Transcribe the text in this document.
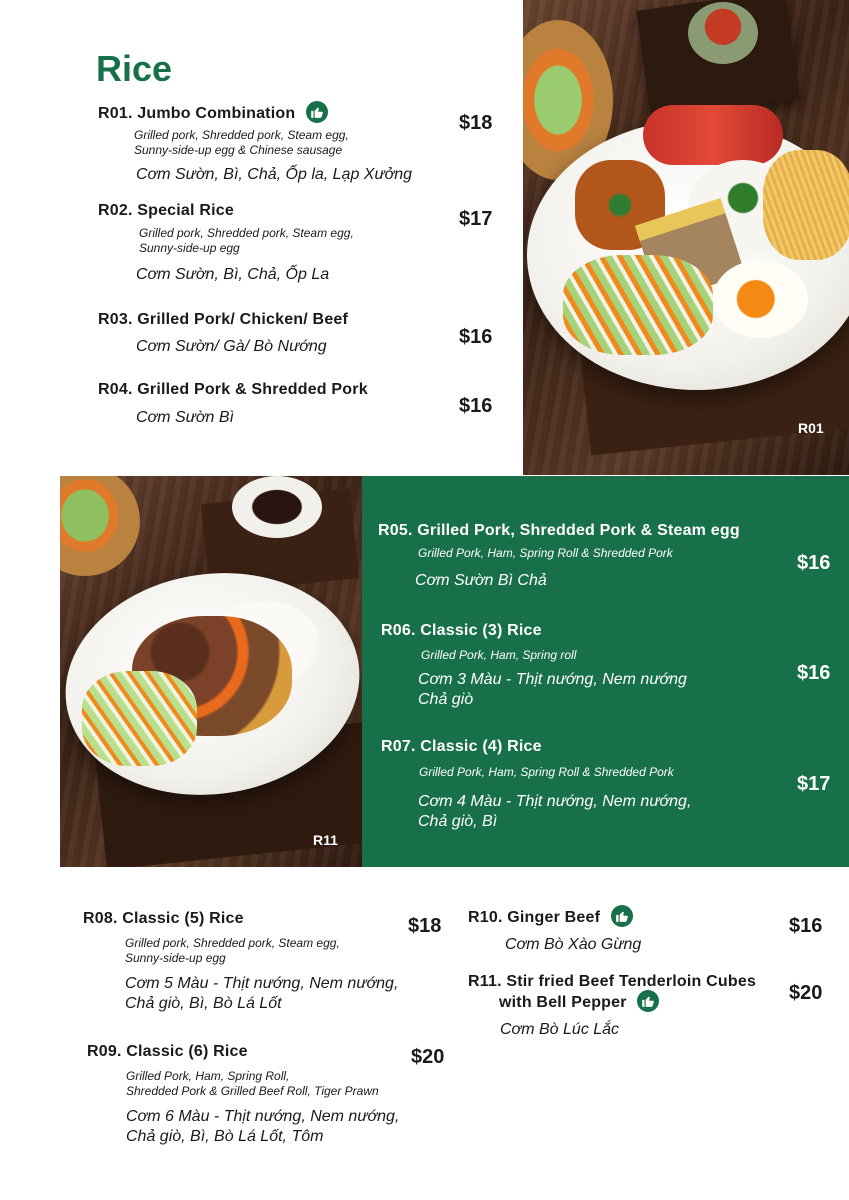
Rice
R01. Jumbo Combination
Grilled pork, Shredded pork, Steam egg,
Sunny-side-up egg & Chinese sausage
Cơm Sườn, Bì, Chả, Ốp la, Lạp Xưởng
$18
R02. Special Rice
Grilled pork, Shredded pork, Steam egg,
Sunny-side-up egg
Cơm Sườn, Bì, Chả, Ốp La
$17
R03. Grilled Pork/ Chicken/ Beef
Cơm Sườn/ Gà/ Bò Nướng	$16
R04. Grilled Pork & Shredded Pork
Cơm Sườn Bì
$16
R01
R11
R05. Grilled Pork, Shredded Pork & Steam egg
Grilled Pork, Ham, Spring Roll & Shredded Pork
Cơm Sườn Bì Chả
$16
R06. Classic (3) Rice
Grilled Pork, Ham, Spring roll
Cơm 3 Màu - Thịt nướng, Nem nướng
Chả giò
$16
R07. Classic (4) Rice
Grilled Pork, Ham, Spring Roll & Shredded Pork
Cơm 4 Màu - Thịt nướng, Nem nướng,
Chả giò, Bì
$17
R08. Classic (5) Rice
Grilled pork, Shredded pork, Steam egg,
Sunny-side-up egg
Cơm 5 Màu - Thịt nướng, Nem nướng,
Chả giò, Bì, Bò Lá Lốt
$18
R09. Classic (6) Rice
Grilled Pork, Ham, Spring Roll,
Shredded Pork & Grilled Beef Roll, Tiger Prawn
Cơm 6 Màu - Thịt nướng, Nem nướng,
Chả giò, Bì, Bò Lá Lốt, Tôm
$20
R10. Ginger Beef
Cơm Bò Xào Gừng
$16
R11. Stir fried Beef Tenderloin Cubes
with Bell Pepper
Cơm Bò Lúc Lắc
$20
